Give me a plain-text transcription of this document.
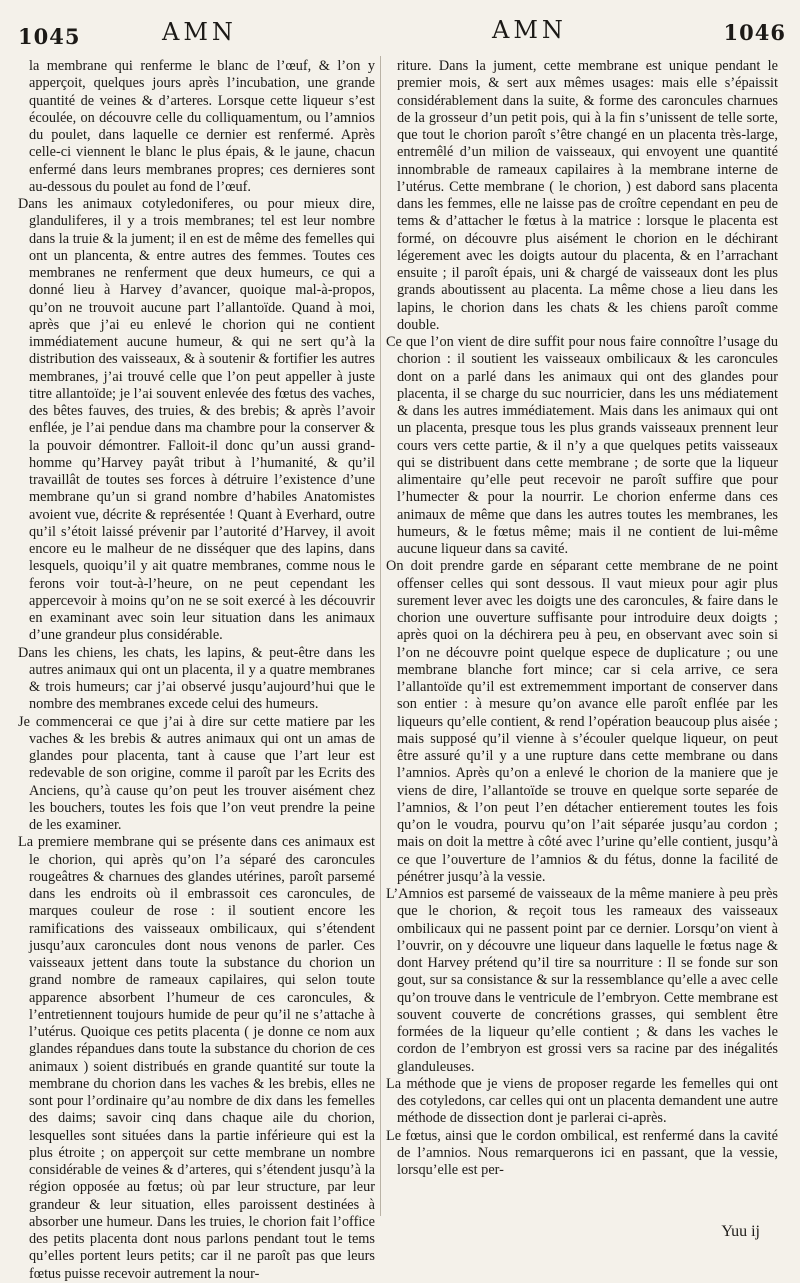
1045	AMN	AMN	1046

la membrane qui renferme le blanc de l’œuf, & l’on y apperçoit, quelques jours après l’incubation, une grande quantité de veines & d’arteres. Lorsque cette liqueur s’est écoulée, on découvre celle du colliquamentum, ou l’amnios du poulet, dans laquelle ce dernier est renfermé. Après celle-ci viennent le blanc le plus épais, & le jaune, chacun enfermé dans leurs membranes propres; ces dernieres sont au-dessous du poulet au fond de l’œuf.

Dans les animaux cotyledoniferes, ou pour mieux dire, glanduliferes, il y a trois membranes; tel est leur nombre dans la truie & la jument; il en est de même des femelles qui ont un plancenta, & entre autres des femmes. Toutes ces membranes ne renferment que deux humeurs, ce qui a donné lieu à Harvey d’avancer, quoique mal-à-propos, qu’on ne trouvoit aucune part l’allantoïde. Quand à moi, après que j’ai eu enlevé le chorion qui ne contient immédiatement aucune humeur, & qui ne sert qu’à la distribution des vaisseaux, & à soutenir & fortifier les autres membranes, j’ai trouvé celle que l’on peut appeller à juste titre allantoïde; je l’ai souvent enlevée des fœtus des vaches, des bêtes fauves, des truies, & des brebis; & après l’avoir enflée, je l’ai pendue dans ma chambre pour la conserver & la pouvoir démontrer. Falloit-il donc qu’un aussi grand-homme qu’Harvey payât tribut à l’humanité, & qu’il travaillât de toutes ses forces à détruire l’existence d’une membrane qu’un si grand nombre d’habiles Anatomistes avoient vue, décrite & représentée ! Quant à Everhard, outre qu’il s’étoit laissé prévenir par l’autorité d’Harvey, il avoit encore eu le malheur de ne disséquer que des lapins, dans lesquels, quoiqu’il y ait quatre membranes, comme nous le ferons voir tout-à-l’heure, on ne peut cependant les appercevoir à moins qu’on ne se soit exercé à les découvrir en examinant avec soin leur situation dans les animaux d’une grandeur plus considérable.

Dans les chiens, les chats, les lapins, & peut-être dans les autres animaux qui ont un placenta, il y a quatre membranes & trois humeurs; car j’ai observé jusqu’aujourd’hui que le nombre des membranes excede celui des humeurs.

Je commencerai ce que j’ai à dire sur cette matiere par les vaches & les brebis & autres animaux qui ont un amas de glandes pour placenta, tant à cause que l’art leur est redevable de son origine, comme il paroît par les Ecrits des Anciens, qu’à cause qu’on peut les trouver aisément chez les bouchers, toutes les fois que l’on veut prendre la peine de les examiner.

La premiere membrane qui se présente dans ces animaux est le chorion, qui après qu’on l’a séparé des caroncules rougeâtres & charnues des glandes utérines, paroît parsemé dans les endroits où il embrassoit ces caroncules, de marques couleur de rose : il soutient encore les ramifications des vaisseaux ombilicaux, qui s’étendent jusqu’aux caroncules dont nous venons de parler. Ces vaisseaux jettent dans toute la substance du chorion un grand nombre de rameaux capilaires, qui selon toute apparence absorbent l’humeur de ces caroncules, & l’entretiennent toujours humide de peur qu’il ne s’attache à l’utérus. Quoique ces petits placenta ( je donne ce nom aux glandes répandues dans toute la substance du chorion de ces animaux ) soient distribués en grande quantité sur toute la membrane du chorion dans les vaches & les brebis, elles ne sont pour l’ordinaire qu’au nombre de dix dans les femelles des daims; savoir cinq dans chaque aile du chorion, lesquelles sont situées dans la partie inférieure qui est la plus étroite ; on apperçoit sur cette membrane un nombre considérable de veines & d’arteres, qui s’étendent jusqu’à la région opposée au fœtus; où par leur structure, par leur grandeur & leur situation, elles paroissent destinées à absorber une humeur. Dans les truies, le chorion fait l’office des petits placenta dont nous parlons pendant tout le tems qu’elles portent leurs petits; car il ne paroît pas que leurs fœtus puisse recevoir autrement la nour-

riture. Dans la jument, cette membrane est unique pendant le premier mois, & sert aux mêmes usages: mais elle s’épaissit considérablement dans la suite, & forme des caroncules charnues de la grosseur d’un petit pois, qui à la fin s’unissent de telle sorte, que tout le chorion paroît s’être changé en un placenta très-large, entremêlé d’un milion de vaisseaux, qui envoyent une quantité innombrable de rameaux capilaires à la membrane interne de l’utérus. Cette membrane ( le chorion, ) est dabord sans placenta dans les femmes, elle ne laisse pas de croître cependant en peu de tems & d’attacher le fœtus à la matrice : lorsque le placenta est formé, on découvre plus aisément le chorion en le déchirant légerement avec les doigts autour du placenta, & en l’arrachant ensuite ; il paroît épais, uni & chargé de vaisseaux dont les plus grands aboutissent au placenta. La même chose a lieu dans les lapins, le chorion dans les chats & les chiens paroît comme double.

Ce que l’on vient de dire suffit pour nous faire connoître l’usage du chorion : il soutient les vaisseaux ombilicaux & les caroncules dont on a parlé dans les animaux qui ont des glandes pour placenta, il se charge du suc nourricier, dans les uns médiatement & dans les autres immédiatement. Mais dans les animaux qui ont un placenta, presque tous les plus grands vaisseaux prennent leur cours vers cette partie, & il n’y a que quelques petits vaisseaux qui se distribuent dans cette membrane ; de sorte que la liqueur alimentaire qu’elle peut recevoir ne paroît suffire que pour l’humecter & pour la nourrir. Le chorion enferme dans ces animaux de même que dans les autres toutes les membranes, les humeurs, & le fœtus même; mais il ne contient de lui-même aucune liqueur dans sa cavité.

On doit prendre garde en séparant cette membrane de ne point offenser celles qui sont dessous. Il vaut mieux pour agir plus surement lever avec les doigts une des caroncules, & faire dans le chorion une ouverture suffisante pour introduire deux doigts ; après quoi on la déchirera peu à peu, en observant avec soin si l’on ne découvre point quelque espece de duplicature ; ou une membrane blanche fort mince; car si cela arrive, ce sera l’allantoïde qu’il est extrememment important de conserver dans son entier : à mesure qu’on avance elle paroît enflée par les liqueurs qu’elle contient, & rend l’opération beaucoup plus aisée ; mais supposé qu’il vienne à s’écouler quelque liqueur, on peut être assuré qu’il y a une rupture dans cette membrane ou dans l’amnios. Après qu’on a enlevé le chorion de la maniere que je viens de dire, l’allantoïde se trouve en quelque sorte separée de l’amnios, & l’on peut l’en détacher entierement toutes les fois qu’on le voudra, pourvu qu’on l’ait séparée jusqu’au cordon ; mais on doit la mettre à côté avec l’urine qu’elle contient, jusqu’à ce que l’ouverture de l’amnios & du fétus, donne la facilité de pénétrer jusqu’à la vessie.

L’Amnios est parsemé de vaisseaux de la même maniere à peu près que le chorion, & reçoit tous les rameaux des vaisseaux ombilicaux qui ne passent point par ce dernier. Lorsqu’on vient à l’ouvrir, on y découvre une liqueur dans laquelle le fœtus nage & dont Harvey prétend qu’il tire sa nourriture : Il se fonde sur son gout, sur sa consistance & sur la ressemblance qu’elle a avec celle qu’on trouve dans le ventricule de l’embryon. Cette membrane est souvent couverte de concrétions grasses, qui semblent être formées de la liqueur qu’elle contient ; & dans les vaches le cordon de l’embryon est grossi vers sa racine par des inégalités glanduleuses.

La méthode que je viens de proposer regarde les femelles qui ont des cotyledons, car celles qui ont un placenta demandent une autre méthode de dissection dont je parlerai ci-après.

Le fœtus, ainsi que le cordon ombilical, est renfermé dans la cavité de l’amnios. Nous remarquerons ici en passant, que la vessie, lorsqu’elle est per-

Yuu ij
